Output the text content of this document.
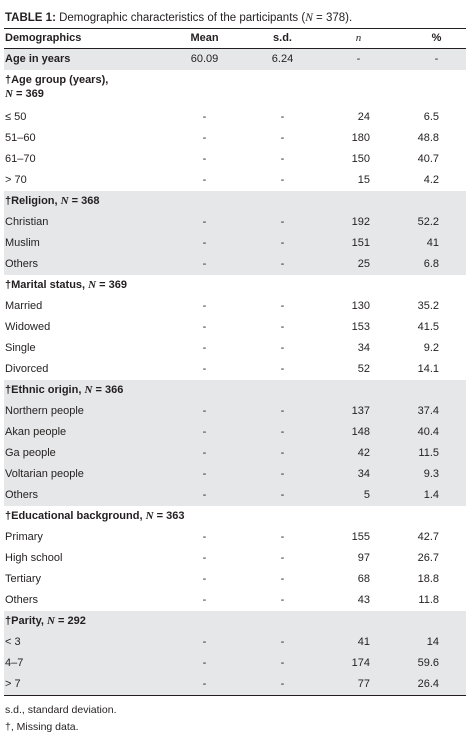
TABLE 1: Demographic characteristics of the participants (N = 378).
Demographics	Mean	s.d.	n	%
Age in years	60.09	6.24	-	-
†Age group (years),
N = 369				
≤ 50	-	-	24	6.5
51–60	-	-	180	48.8
61–70	-	-	150	40.7
> 70	-	-	15	4.2
†Religion, N = 368				
Christian	-	-	192	52.2
Muslim	-	-	151	41
Others	-	-	25	6.8
†Marital status, N = 369				
Married	-	-	130	35.2
Widowed	-	-	153	41.5
Single	-	-	34	9.2
Divorced	-	-	52	14.1
†Ethnic origin, N = 366				
Northern people	-	-	137	37.4
Akan people	-	-	148	40.4
Ga people	-	-	42	11.5
Voltarian people	-	-	34	9.3
Others	-	-	5	1.4
†Educational background, N = 363				
Primary	-	-	155	42.7
High school	-	-	97	26.7
Tertiary	-	-	68	18.8
Others	-	-	43	11.8
†Parity, N = 292				
< 3	-	-	41	14
4–7	-	-	174	59.6
> 7	-	-	77	26.4
s.d., standard deviation.
†, Missing data.
